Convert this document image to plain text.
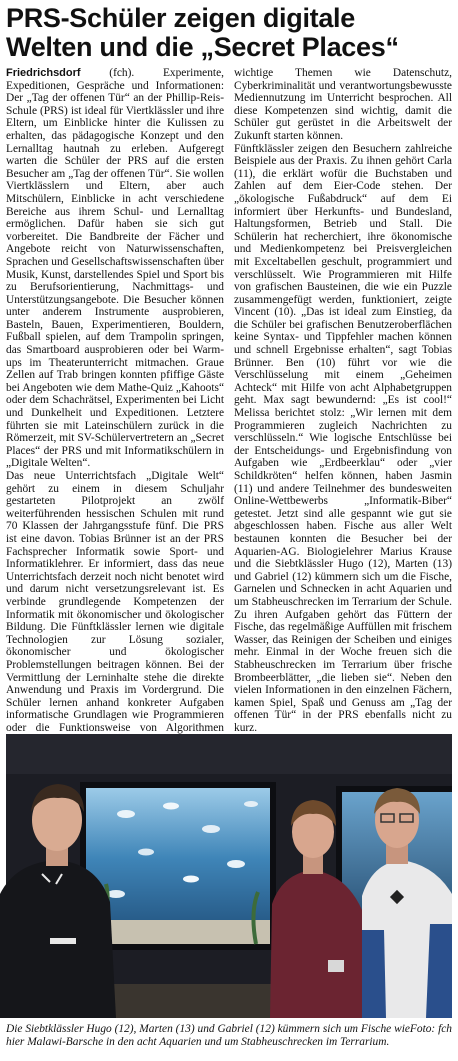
PRS-Schüler zeigen digitale
Welten und die „Secret Places“

Friedrichsdorf (fch). Experimente, Expeditionen, Gespräche und Informationen: Der „Tag der offenen Tür“ an der Phillip-Reis-Schule (PRS) ist ideal für Viertklässler und ihre Eltern, um Einblicke hinter die Kulissen zu erhalten, das pädagogische Konzept und den Lernalltag hautnah zu erleben. Aufgeregt warten die Schüler der PRS auf die ersten Besucher am „Tag der offenen Tür“. Sie wollen Viertklässlern und Eltern, aber auch Mitschülern, Einblicke in acht verschiedene Bereiche aus ihrem Schul- und Lernalltag ermöglichen. Dafür haben sie sich gut vorbereitet. Die Bandbreite der Fächer und Angebote reicht von Naturwissenschaften, Sprachen und Gesellschaftswissenschaften über Musik, Kunst, darstellendes Spiel und Sport bis zu Berufsorientierung, Nachmittags- und Unterstützungsangebote. Die Besucher können unter anderem Instrumente ausprobieren, Basteln, Bauen, Experimentieren, Bouldern, Fußball spielen, auf dem Trampolin springen, das Smartboard ausprobieren oder bei Warm-ups im Theaterunterricht mitmachen. Graue Zellen auf Trab bringen konnten pfiffige Gäste bei Angeboten wie dem Mathe-Quiz „Kahoots“ oder dem Schachrätsel, Experimenten bei Licht und Dunkelheit und Expeditionen. Letztere führten sie mit Lateinschülern zurück in die Römerzeit, mit SV-Schülervertretern an „Secret Places“ der PRS und mit Informatikschülern in „Digitale Welten“.

Das neue Unterrichtsfach „Digitale Welt“ gehört zu einem in diesem Schuljahr gestarteten Pilotprojekt an zwölf weiterführenden hessischen Schulen mit rund 70 Klassen der Jahrgangsstufe fünf. Die PRS ist eine davon. Tobias Brünner ist an der PRS Fachsprecher Informatik sowie Sport- und Informatiklehrer. Er informiert, dass das neue Unterrichtsfach derzeit noch nicht benotet wird und darum nicht versetzungsrelevant ist. Es verbinde grundlegende Kompetenzen der Informatik mit ökonomischer und ökologischer Bildung. Die Fünftklässler lernen wie digitale Technologien zur Lösung sozialer, ökonomischer und ökologischer Problemstellungen beitragen können. Bei der Vermittlung der Lerninhalte stehe die direkte Anwendung und Praxis im Vordergrund. Die Schüler lernen anhand konkreter Aufgaben informatische Grundlagen wie Programmieren oder die Funktionsweise von Algorithmen

wichtige Themen wie Datenschutz, Cyberkriminalität und verantwortungsbewusste Mediennutzung im Unterricht besprochen. All diese Kompetenzen sind wichtig, damit die Schüler gut gerüstet in die Arbeitswelt der Zukunft starten können.

Fünftklässler zeigen den Besuchern zahlreiche Beispiele aus der Praxis. Zu ihnen gehört Carla (11), die erklärt wofür die Buchstaben und Zahlen auf dem Eier-Code stehen. Der „ökologische Fußabdruck“ auf dem Ei informiert über Herkunfts- und Bundesland, Haltungsformen, Betrieb und Stall. Die Schülerin hat recherchiert, ihre ökonomische und Medienkompetenz bei Preisvergleichen mit Exceltabellen geschult, programmiert und verschlüsselt. Wie Programmieren mit Hilfe von grafischen Bausteinen, die wie ein Puzzle zusammengefügt werden, funktioniert, zeigte Vincent (10). „Das ist ideal zum Einstieg, da die Schüler bei grafischen Benutzeroberflächen keine Syntax- und Tippfehler machen können und schnell Ergebnisse erhalten“, sagt Tobias Brünner. Ben (10) führt vor wie die Verschlüsselung mit einem „Geheimen Achteck“ mit Hilfe von acht Alphabetgruppen geht. Max sagt bewundernd: „Es ist cool!“ Melissa berichtet stolz: „Wir lernen mit dem Programmieren zugleich Nachrichten zu verschlüsseln.“ Wie logische Entschlüsse bei der Entscheidungs- und Ergebnisfindung von Aufgaben wie „Erdbeerklau“ oder „vier Schildkröten“ helfen können, haben Jasmin (11) und andere Teilnehmer des bundesweiten Online-Wettbewerbs „Informatik-Biber“ getestet. Jetzt sind alle gespannt wie gut sie abgeschlossen haben. Fische aus aller Welt bestaunen konnten die Besucher bei der Aquarien-AG. Biologielehrer Marius Krause und die Siebtklässler Hugo (12), Marten (13) und Gabriel (12) kümmern sich um die Fische, Garnelen und Schnecken in acht Aquarien und um Stabheuschrecken im Terrarium der Schule. Zu ihren Aufgaben gehört das Füttern der Fische, das regelmäßige Auffüllen mit frischem Wasser, das Reinigen der Scheiben und einiges mehr. Einmal in der Woche freuen sich die Stabheuschrecken im Terrarium über frische Brombeerblätter, „die lieben sie“. Neben den vielen Informationen in den einzelnen Fächern, kamen Spiel, Spaß und Genuss am „Tag der offenen Tür“ in der PRS ebenfalls nicht zu kurz.

Foto: fch
Die Siebtklässler Hugo (12), Marten (13) und Gabriel (12) kümmern sich um Fische wie hier Malawi-Barsche in den acht Aquarien und um Stabheuschrecken im Terrarium.
